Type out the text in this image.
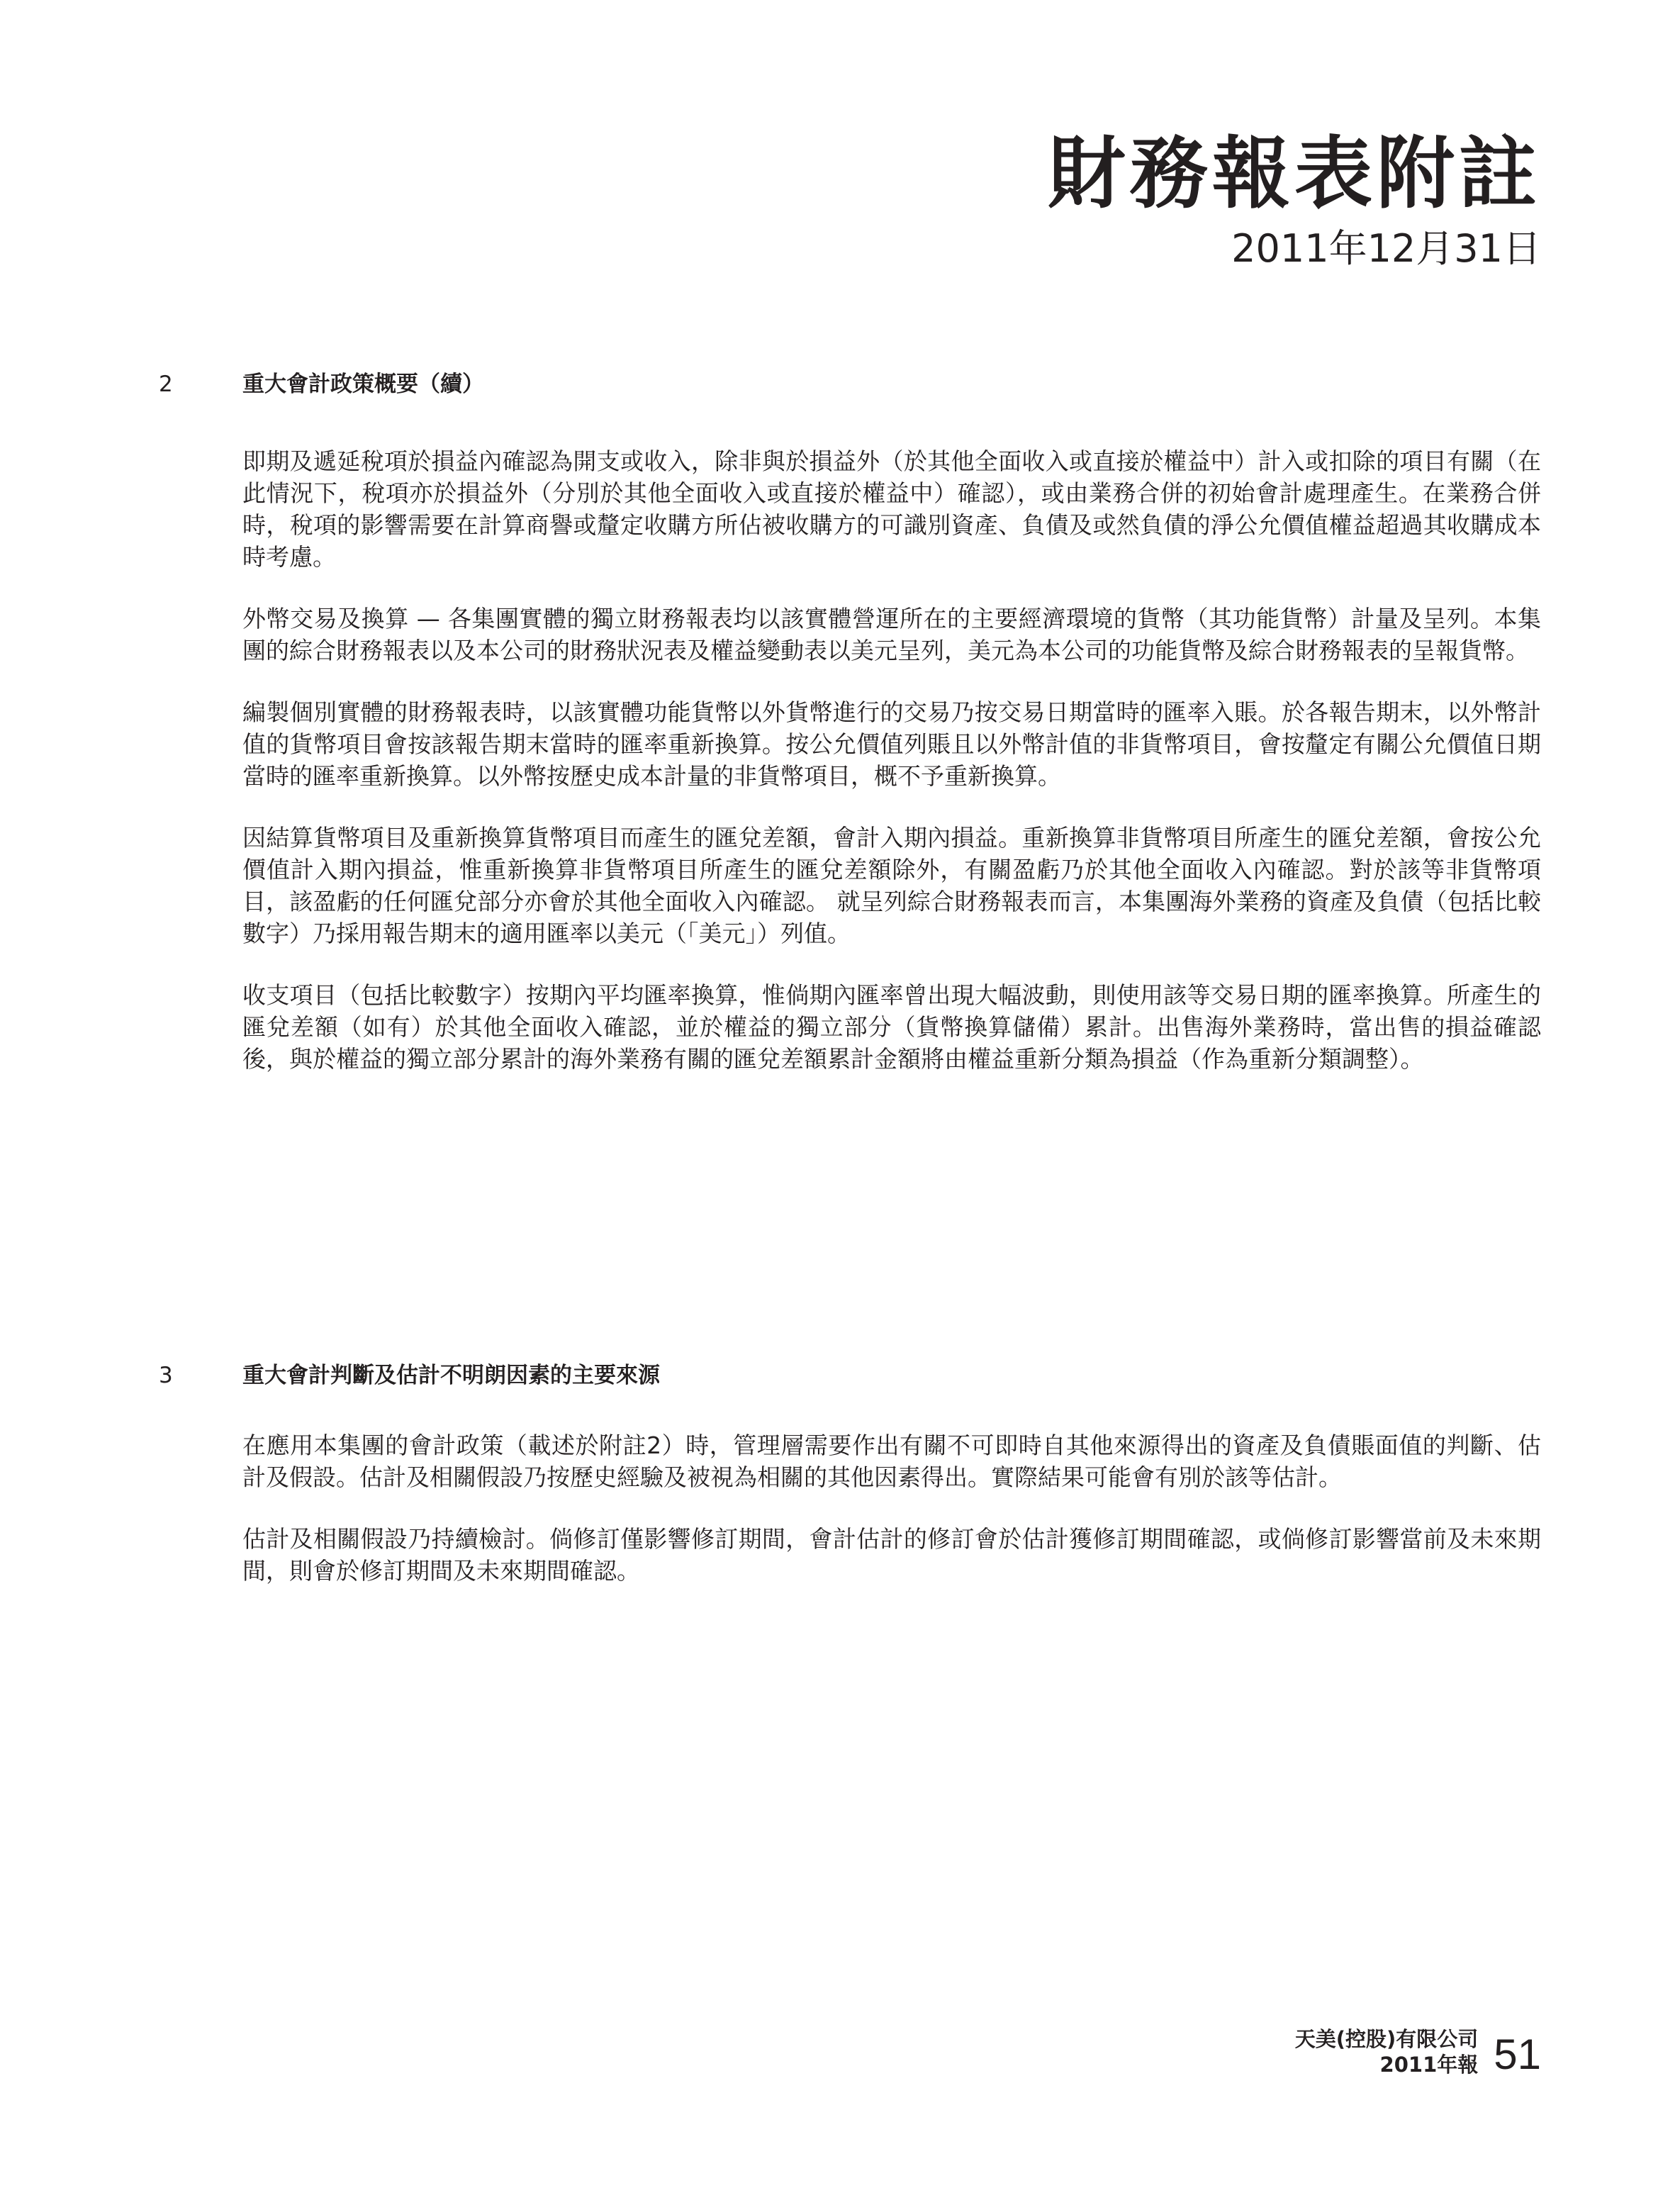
財務報表附註
2011年12月31日
2	重大會計政策概要（續）

即期及遞延稅項於損益內確認為開支或收入，除非與於損益外（於其他全面收入或直接於權益中）計入或扣除的項目有關（在此情況下，稅項亦於損益外（分別於其他全面收入或直接於權益中）確認），或由業務合併的初始會計處理產生。在業務合併時，稅項的影響需要在計算商譽或釐定收購方所佔被收購方的可識別資產、負債及或然負債的淨公允價值權益超過其收購成本時考慮。

外幣交易及換算 — 各集團實體的獨立財務報表均以該實體營運所在的主要經濟環境的貨幣（其功能貨幣）計量及呈列。本集團的綜合財務報表以及本公司的財務狀況表及權益變動表以美元呈列，美元為本公司的功能貨幣及綜合財務報表的呈報貨幣。

編製個別實體的財務報表時，以該實體功能貨幣以外貨幣進行的交易乃按交易日期當時的匯率入賬。於各報告期末，以外幣計值的貨幣項目會按該報告期末當時的匯率重新換算。按公允價值列賬且以外幣計值的非貨幣項目，會按釐定有關公允價值日期當時的匯率重新換算。以外幣按歷史成本計量的非貨幣項目，概不予重新換算。

因結算貨幣項目及重新換算貨幣項目而產生的匯兌差額，會計入期內損益。重新換算非貨幣項目所產生的匯兌差額，會按公允價值計入期內損益，惟重新換算非貨幣項目所產生的匯兌差額除外，有關盈虧乃於其他全面收入內確認。對於該等非貨幣項目，該盈虧的任何匯兌部分亦會於其他全面收入內確認。 就呈列綜合財務報表而言，本集團海外業務的資產及負債（包括比較數字）乃採用報告期末的適用匯率以美元（「美元」）列值。

收支項目（包括比較數字）按期內平均匯率換算，惟倘期內匯率曾出現大幅波動，則使用該等交易日期的匯率換算。所產生的匯兌差額（如有）於其他全面收入確認，並於權益的獨立部分（貨幣換算儲備）累計。出售海外業務時，當出售的損益確認後，與於權益的獨立部分累計的海外業務有關的匯兌差額累計金額將由權益重新分類為損益（作為重新分類調整）。

3	重大會計判斷及估計不明朗因素的主要來源

在應用本集團的會計政策（載述於附註2）時，管理層需要作出有關不可即時自其他來源得出的資產及負債賬面值的判斷、估計及假設。估計及相關假設乃按歷史經驗及被視為相關的其他因素得出。實際結果可能會有別於該等估計。

估計及相關假設乃持續檢討。倘修訂僅影響修訂期間，會計估計的修訂會於估計獲修訂期間確認，或倘修訂影響當前及未來期間，則會於修訂期間及未來期間確認。

天美(控股)有限公司
2011年報 51
